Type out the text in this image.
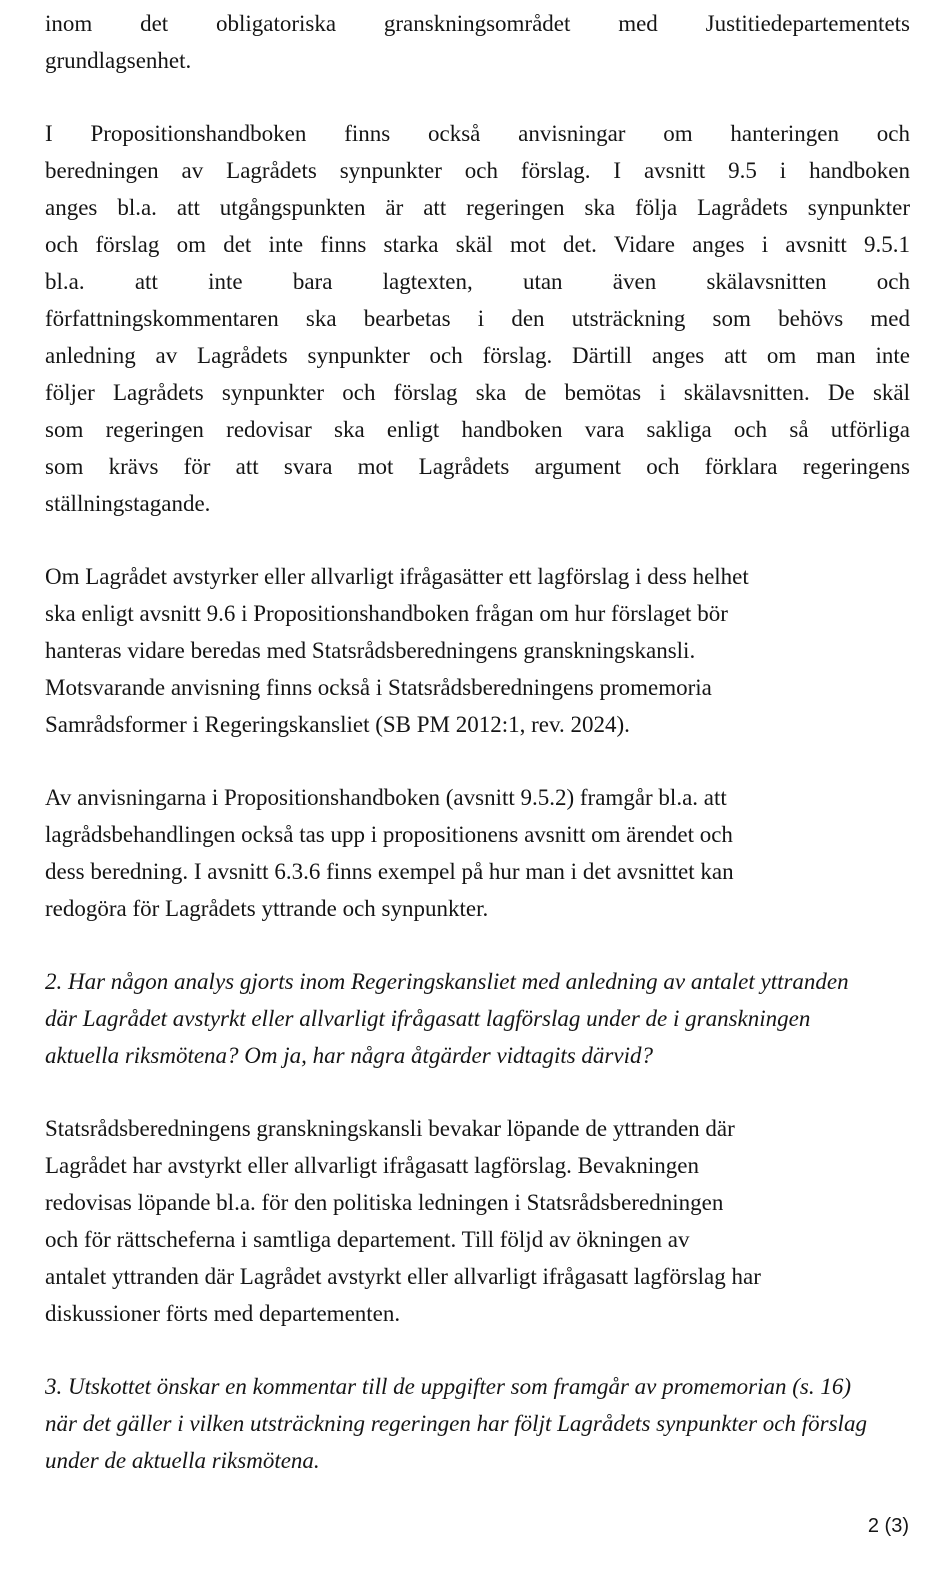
inom det obligatoriska granskningsområdet med Justitiedepartementets
grundlagsenhet.
I Propositionshandboken finns också anvisningar om hanteringen och
beredningen av Lagrådets synpunkter och förslag. I avsnitt 9.5 i handboken
anges bl.a. att utgångspunkten är att regeringen ska följa Lagrådets synpunkter
och förslag om det inte finns starka skäl mot det. Vidare anges i avsnitt 9.5.1
bl.a. att inte bara lagtexten, utan även skälavsnitten och
författningskommentaren ska bearbetas i den utsträckning som behövs med
anledning av Lagrådets synpunkter och förslag. Därtill anges att om man inte
följer Lagrådets synpunkter och förslag ska de bemötas i skälavsnitten. De skäl
som regeringen redovisar ska enligt handboken vara sakliga och så utförliga
som krävs för att svara mot Lagrådets argument och förklara regeringens
ställningstagande.
Om Lagrådet avstyrker eller allvarligt ifrågasätter ett lagförslag i dess helhet
ska enligt avsnitt 9.6 i Propositionshandboken frågan om hur förslaget bör
hanteras vidare beredas med Statsrådsberedningens granskningskansli.
Motsvarande anvisning finns också i Statsrådsberedningens promemoria
Samrådsformer i Regeringskansliet (SB PM 2012:1, rev. 2024).
Av anvisningarna i Propositionshandboken (avsnitt 9.5.2) framgår bl.a. att
lagrådsbehandlingen också tas upp i propositionens avsnitt om ärendet och
dess beredning. I avsnitt 6.3.6 finns exempel på hur man i det avsnittet kan
redogöra för Lagrådets yttrande och synpunkter.
2. Har någon analys gjorts inom Regeringskansliet med anledning av antalet yttranden
där Lagrådet avstyrkt eller allvarligt ifrågasatt lagförslag under de i granskningen
aktuella riksmötena? Om ja, har några åtgärder vidtagits därvid?
Statsrådsberedningens granskningskansli bevakar löpande de yttranden där
Lagrådet har avstyrkt eller allvarligt ifrågasatt lagförslag. Bevakningen
redovisas löpande bl.a. för den politiska ledningen i Statsrådsberedningen
och för rättscheferna i samtliga departement. Till följd av ökningen av
antalet yttranden där Lagrådet avstyrkt eller allvarligt ifrågasatt lagförslag har
diskussioner förts med departementen.
3. Utskottet önskar en kommentar till de uppgifter som framgår av promemorian (s. 16)
när det gäller i vilken utsträckning regeringen har följt Lagrådets synpunkter och förslag
under de aktuella riksmötena.
2 (3)
